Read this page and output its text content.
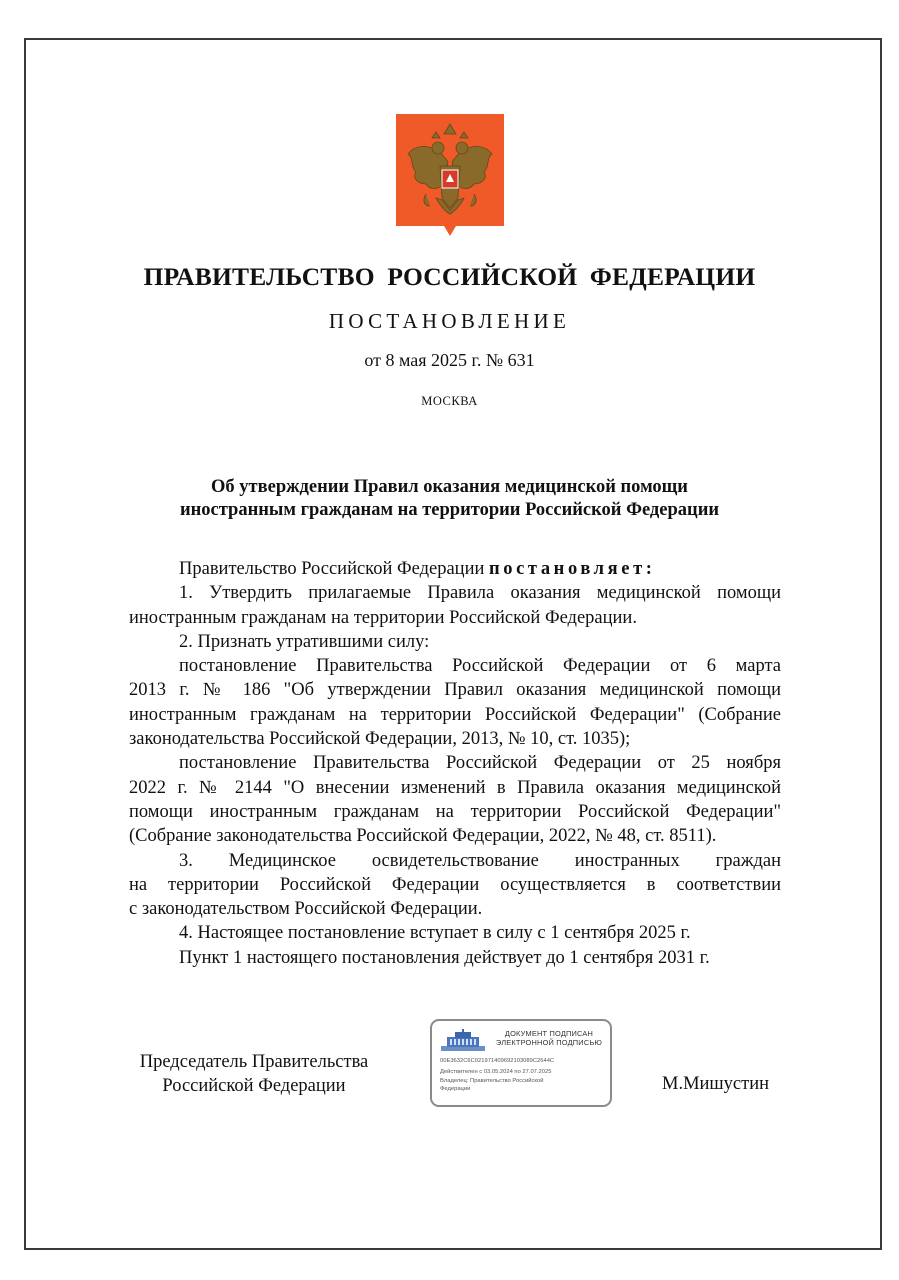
ПРАВИТЕЛЬСТВО РОССИЙСКОЙ ФЕДЕРАЦИИ
ПОСТАНОВЛЕНИЕ
от 8 мая 2025 г. № 631
МОСКВА
Об утверждении Правил оказания медицинской помощи
иностранным гражданам на территории Российской Федерации

Правительство Российской Федерации постановляет:

1. Утвердить прилагаемые Правила оказания медицинской помощи

иностранным гражданам на территории Российской Федерации.

2. Признать утратившими силу:

постановление Правительства Российской Федерации от 6 марта

2013 г. № 186 "Об утверждении Правил оказания медицинской помощи

иностранным гражданам на территории Российской Федерации" (Собрание

законодательства Российской Федерации, 2013, № 10, ст. 1035);

постановление Правительства Российской Федерации от 25 ноября

2022 г. № 2144 "О внесении изменений в Правила оказания медицинской

помощи иностранным гражданам на территории Российской Федерации"

(Собрание законодательства Российской Федерации, 2022, № 48, ст. 8511).

3. Медицинское освидетельствование иностранных граждан

на территории Российской Федерации осуществляется в соответствии

с законодательством Российской Федерации.

4. Настоящее постановление вступает в силу с 1 сентября 2025 г.

Пункт 1 настоящего постановления действует до 1 сентября 2031 г.

Председатель Правительства
Российской Федерации
ДОКУМЕНТ ПОДПИСАН
ЭЛЕКТРОННОЙ ПОДПИСЬЮ
00E3632C6C021971409692103089C2644C
Действителен с 03.05.2024 по 27.07.2025
Владелец: Правительство Российской
Федерации	М.Мишустин
